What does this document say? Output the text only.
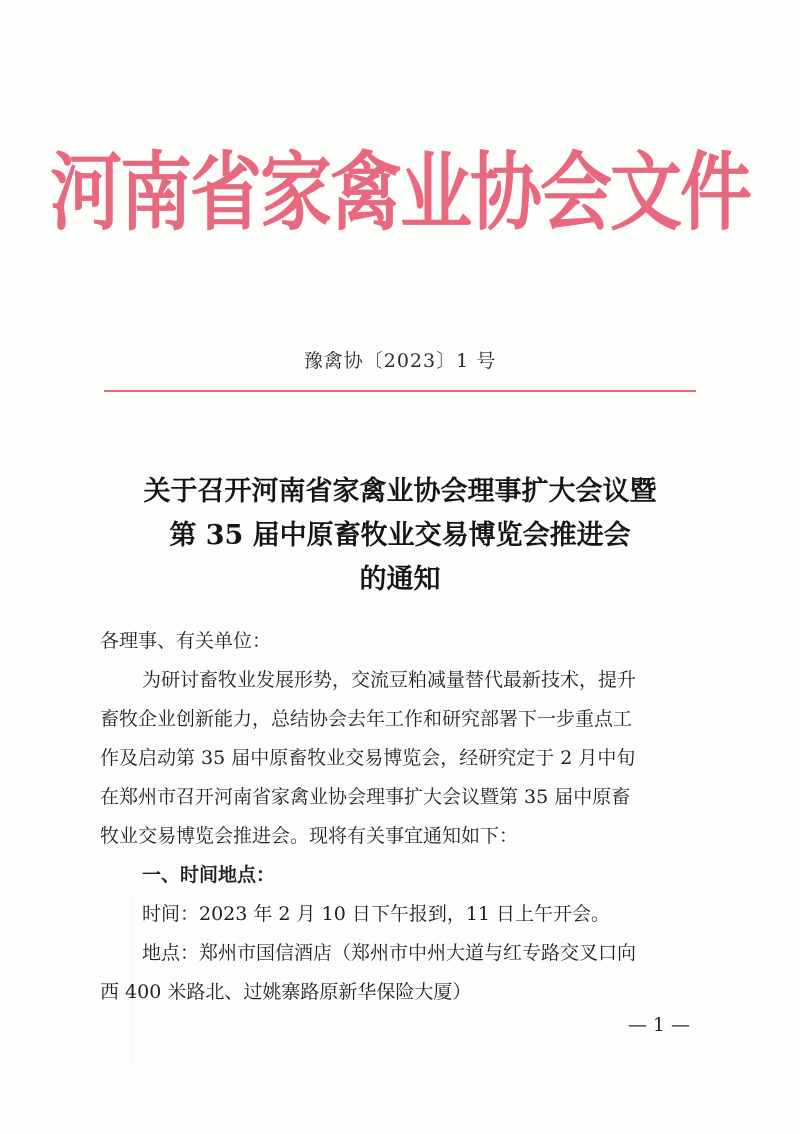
河南省家禽业协会文件
豫禽协〔2023〕1 号
关于召开河南省家禽业协会理事扩大会议暨
第 35 届中原畜牧业交易博览会推进会
的通知
各理事、有关单位：
为研讨畜牧业发展形势，交流豆粕减量替代最新技术，提升
畜牧企业创新能力，总结协会去年工作和研究部署下一步重点工
作及启动第 35 届中原畜牧业交易博览会，经研究定于 2 月中旬
在郑州市召开河南省家禽业协会理事扩大会议暨第 35 届中原畜
牧业交易博览会推进会。现将有关事宜通知如下：
一、时间地点：
时间：2023 年 2 月 10 日下午报到，11 日上午开会。
地点：郑州市国信酒店（郑州市中州大道与红专路交叉口向
西 400 米路北、过姚寨路原新华保险大厦）
— 1 —
